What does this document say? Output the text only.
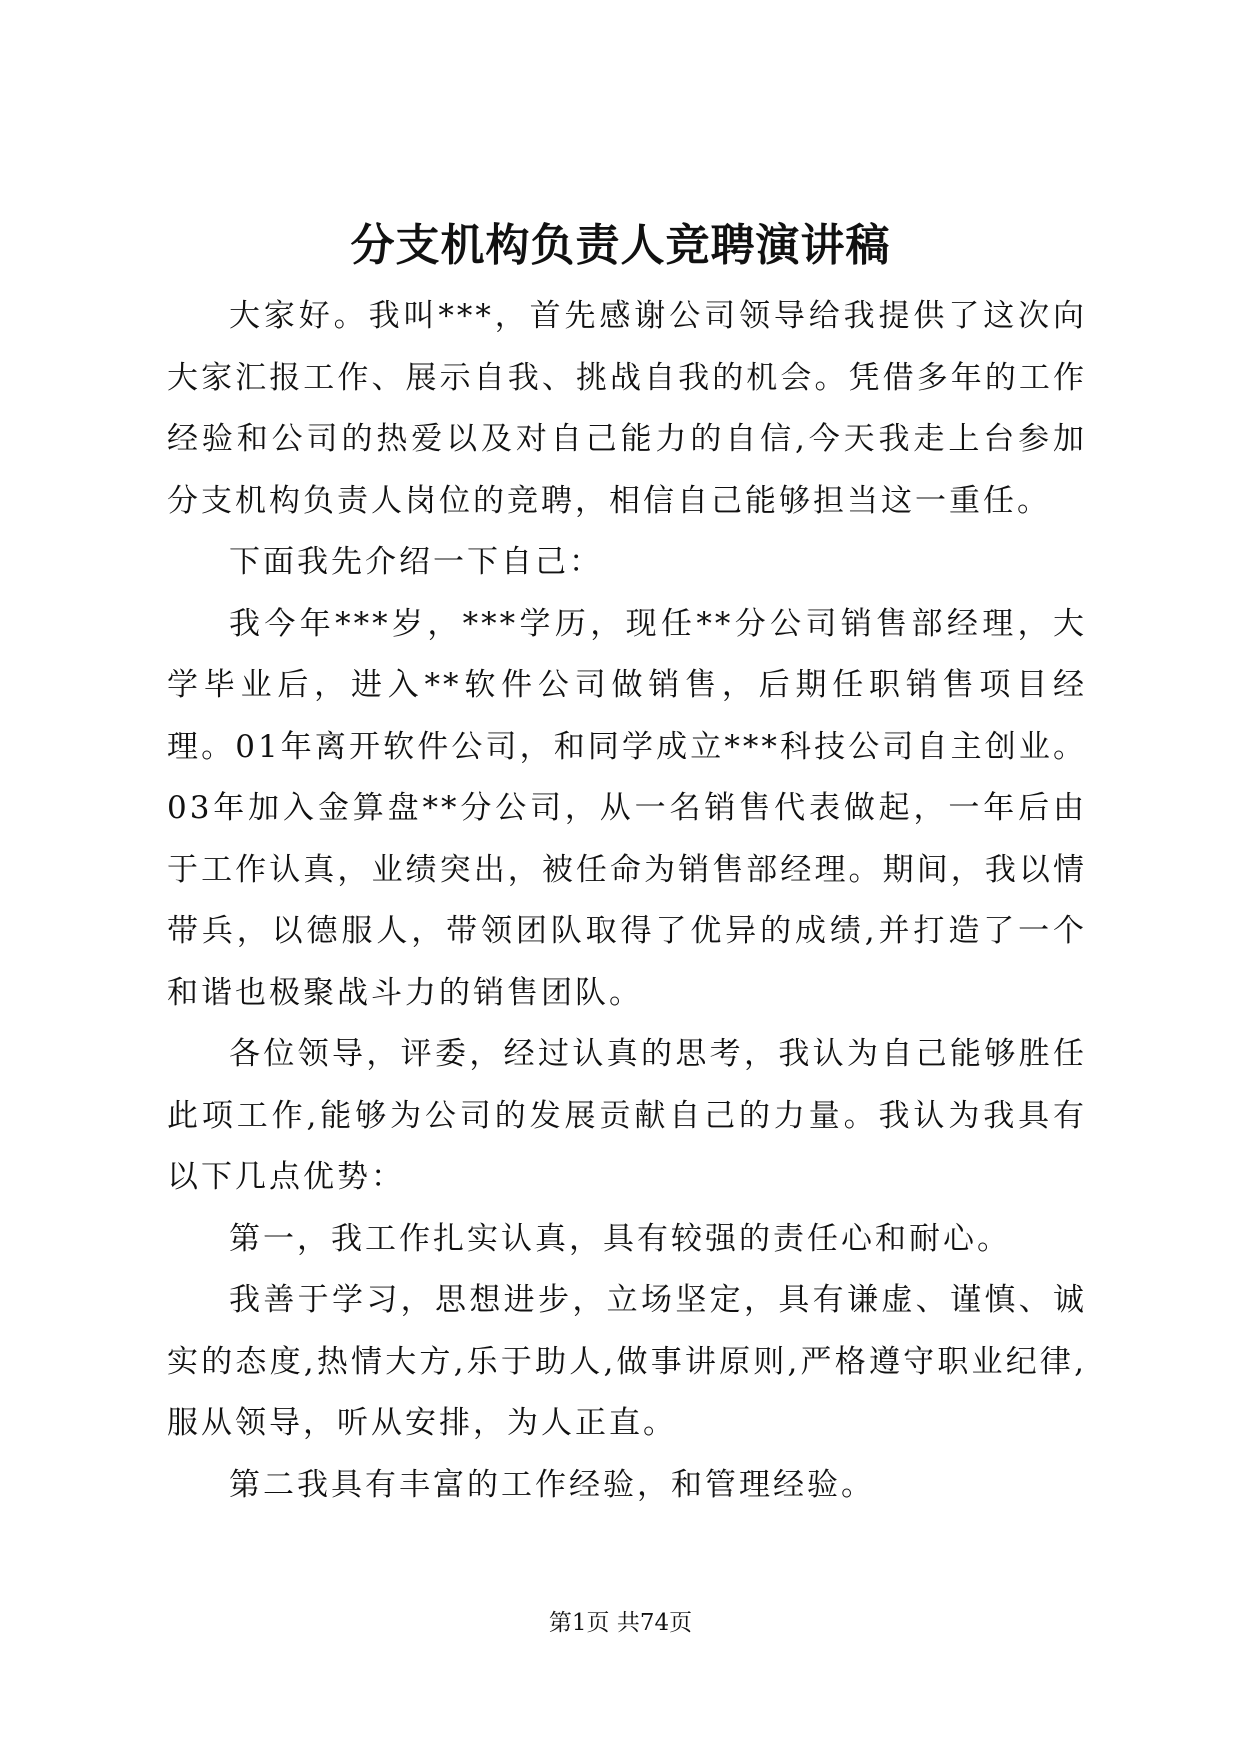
分支机构负责人竞聘演讲稿

大家好。我叫***，首先感谢公司领导给我提供了这次向大家汇报工作、展示自我、挑战自我的机会。凭借多年的工作经验和公司的热爱以及对自己能力的自信,今天我走上台参加分支机构负责人岗位的竞聘，相信自己能够担当这一重任。

下面我先介绍一下自己：

我今年***岁，***学历，现任**分公司销售部经理，大学毕业后，进入**软件公司做销售，后期任职销售项目经理。01年离开软件公司，和同学成立***科技公司自主创业。03年加入金算盘**分公司，从一名销售代表做起，一年后由于工作认真，业绩突出，被任命为销售部经理。期间，我以情带兵，以德服人，带领团队取得了优异的成绩,并打造了一个和谐也极聚战斗力的销售团队。

各位领导，评委，经过认真的思考，我认为自己能够胜任此项工作,能够为公司的发展贡献自己的力量。我认为我具有以下几点优势：

第一，我工作扎实认真，具有较强的责任心和耐心。

我善于学习，思想进步，立场坚定，具有谦虚、谨慎、诚实的态度,热情大方,乐于助人,做事讲原则,严格遵守职业纪律,服从领导，听从安排，为人正直。

第二我具有丰富的工作经验，和管理经验。

第1页 共74页
